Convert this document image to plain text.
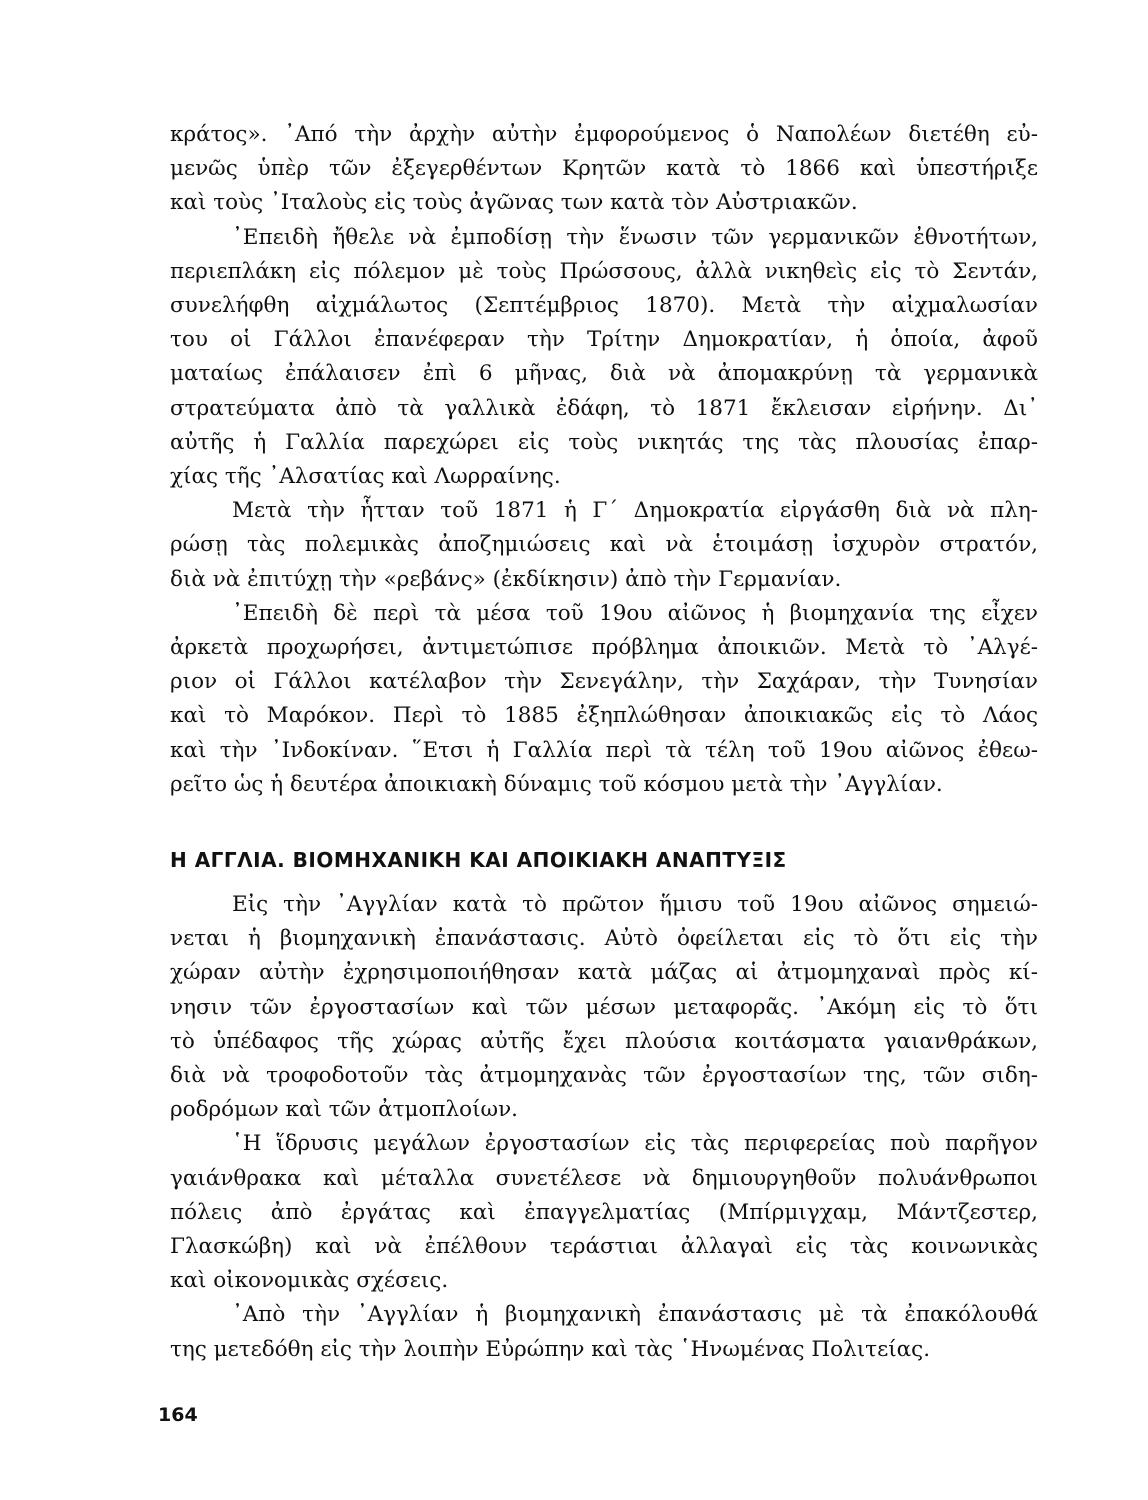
κράτος». ᾿Από τὴν ἀρχὴν αὐτὴν ἐμφορούμενος ὁ Ναπολέων διετέθη εὐ-
μενῶς ὑπὲρ τῶν ἐξεγερθέντων Κρητῶν κατὰ τὸ 1866 καὶ ὑπεστήριξε
καὶ τοὺς ᾿Ιταλοὺς εἰς τοὺς ἀγῶνας των κατὰ τὸν Αὐστριακῶν.

᾿Επειδὴ ἤθελε νὰ ἐμποδίσῃ τὴν ἕνωσιν τῶν γερμανικῶν ἐθνοτήτων,
περιεπλάκη εἰς πόλεμον μὲ τοὺς Πρώσσους, ἀλλὰ νικηθεὶς εἰς τὸ Σεντάν,
συνελήφθη αἰχμάλωτος (Σεπτέμβριος 1870). Μετὰ τὴν αἰχμαλωσίαν
του οἱ Γάλλοι ἐπανέφεραν τὴν Τρίτην Δημοκρατίαν, ἡ ὁποία, ἀφοῦ
ματαίως ἐπάλαισεν ἐπὶ 6 μῆνας, διὰ νὰ ἀπομακρύνῃ τὰ γερμανικὰ
στρατεύματα ἀπὸ τὰ γαλλικὰ ἐδάφη, τὸ 1871 ἔκλεισαν εἰρήνην. Δι᾿
αὐτῆς ἡ Γαλλία παρεχώρει εἰς τοὺς νικητάς της τὰς πλουσίας ἐπαρ-
χίας τῆς ᾿Αλσατίας καὶ Λωρραίνης.

Μετὰ τὴν ἧτταν τοῦ 1871 ἡ Γ΄ Δημοκρατία εἰργάσθη διὰ νὰ πλη-
ρώσῃ τὰς πολεμικὰς ἀποζημιώσεις καὶ νὰ ἑτοιμάσῃ ἰσχυρὸν στρατόν,
διὰ νὰ ἐπιτύχῃ τὴν «ρεβάνς» (ἐκδίκησιν) ἀπὸ τὴν Γερμανίαν.

᾿Επειδὴ δὲ περὶ τὰ μέσα τοῦ 19ου αἰῶνος ἡ βιομηχανία της εἶχεν
ἀρκετὰ προχωρήσει, ἀντιμετώπισε πρόβλημα ἀποικιῶν. Μετὰ τὸ ᾿Αλγέ-
ριον οἱ Γάλλοι κατέλαβον τὴν Σενεγάλην, τὴν Σαχάραν, τὴν Τυνησίαν
καὶ τὸ Μαρόκον. Περὶ τὸ 1885 ἐξηπλώθησαν ἀποικιακῶς εἰς τὸ Λάος
καὶ τὴν ᾿Ινδοκίναν. ῞Ετσι ἡ Γαλλία περὶ τὰ τέλη τοῦ 19ου αἰῶνος ἐθεω-
ρεῖτο ὡς ἡ δευτέρα ἀποικιακὴ δύναμις τοῦ κόσμου μετὰ τὴν ᾿Αγγλίαν.

Η ΑΓΓΛΙΑ. ΒΙΟΜΗΧΑΝΙΚΗ ΚΑΙ ΑΠΟΙΚΙΑΚΗ ΑΝΑΠΤΥΞΙΣ

Εἰς τὴν ᾿Αγγλίαν κατὰ τὸ πρῶτον ἥμισυ τοῦ 19ου αἰῶνος σημειώ-
νεται ἡ βιομηχανικὴ ἐπανάστασις. Αὐτὸ ὀφείλεται εἰς τὸ ὅτι εἰς τὴν
χώραν αὐτὴν ἐχρησιμοποιήθησαν κατὰ μάζας αἱ ἀτμομηχαναὶ πρὸς κί-
νησιν τῶν ἐργοστασίων καὶ τῶν μέσων μεταφορᾶς. ᾿Ακόμη εἰς τὸ ὅτι
τὸ ὑπέδαφος τῆς χώρας αὐτῆς ἔχει πλούσια κοιτάσματα γαιανθράκων,
διὰ νὰ τροφοδοτοῦν τὰς ἀτμομηχανὰς τῶν ἐργοστασίων της, τῶν σιδη-
ροδρόμων καὶ τῶν ἀτμοπλοίων.

῾Η ἵδρυσις μεγάλων ἐργοστασίων εἰς τὰς περιφερείας ποὺ παρῆγον
γαιάνθρακα καὶ μέταλλα συνετέλεσε νὰ δημιουργηθοῦν πολυάνθρωποι
πόλεις ἀπὸ ἐργάτας καὶ ἐπαγγελματίας (Μπίρμιγχαμ, Μάντζεστερ,
Γλασκώβη) καὶ νὰ ἐπέλθουν τεράστιαι ἀλλαγαὶ εἰς τὰς κοινωνικὰς
καὶ οἰκονομικὰς σχέσεις.

᾿Απὸ τὴν ᾿Αγγλίαν ἡ βιομηχανικὴ ἐπανάστασις μὲ τὰ ἐπακόλουθά
της μετεδόθη εἰς τὴν λοιπὴν Εὐρώπην καὶ τὰς ῾Ηνωμένας Πολιτείας.

164
